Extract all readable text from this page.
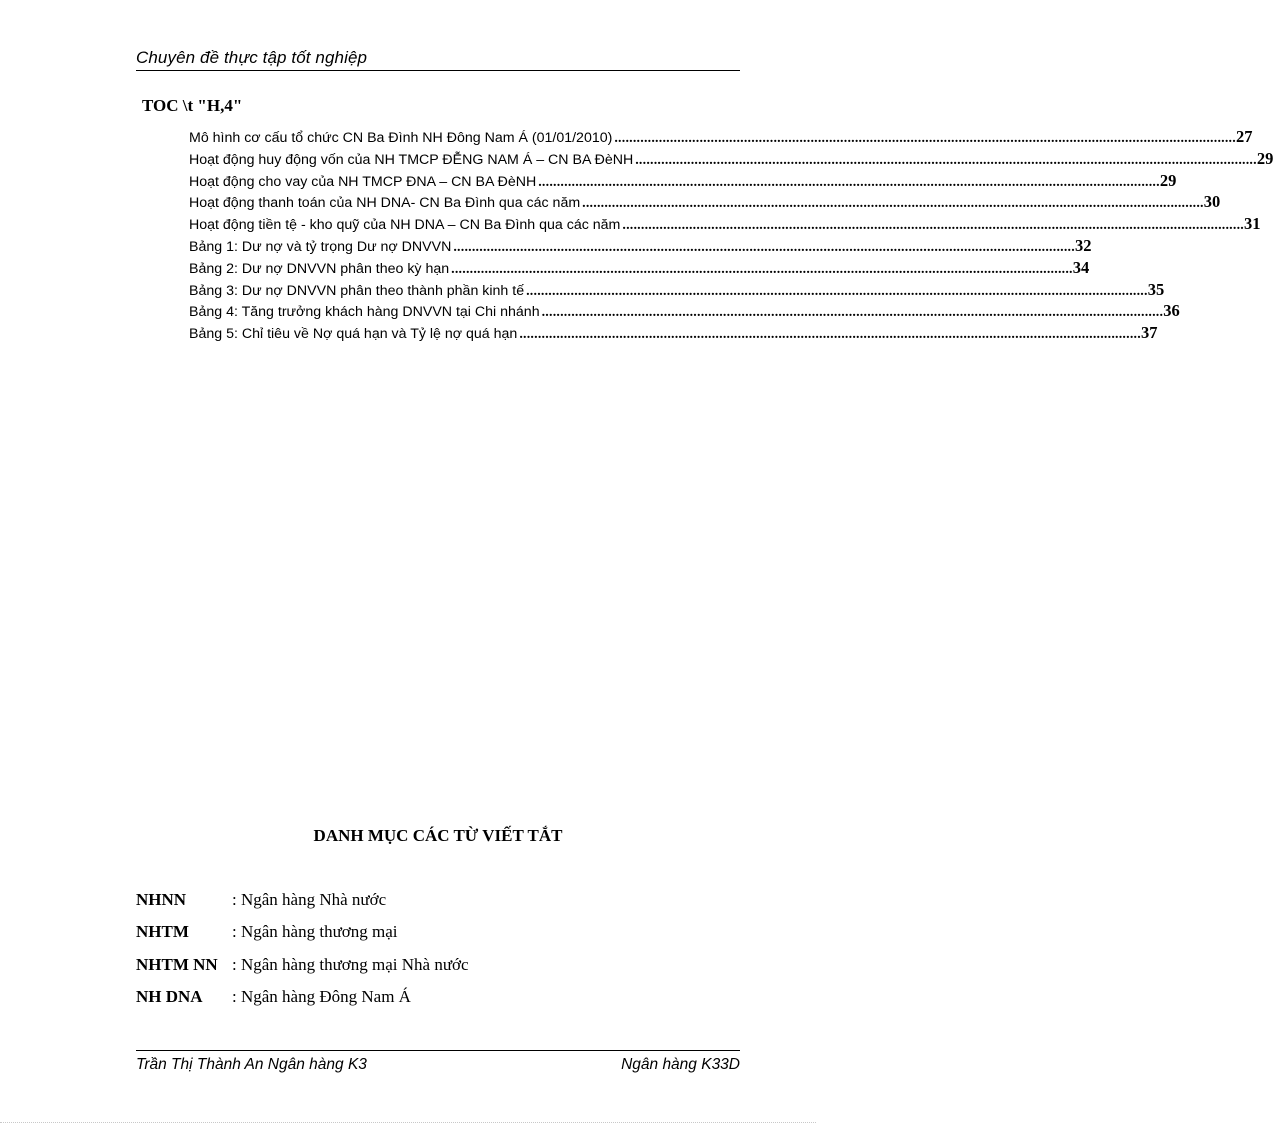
Chuyên đề thực tập tốt nghiệp
TOC \t "H,4"
Mô hình cơ cấu tổ chức CN Ba Đình NH Đông Nam Á (01/01/2010) .....	27
Hoạt động huy động vốn của NH TMCP ĐỄNG NAM Á – CN BA ĐèNH .....	29
Hoạt động cho vay của NH TMCP ĐNA – CN BA ĐèNH .....	29
Hoạt động thanh toán của NH DNA- CN Ba Đình qua các năm .....	30
Hoạt động tiền tệ - kho quỹ của NH DNA – CN Ba Đình qua các năm .....	31
Bảng 1: Dư nợ và tỷ trọng Dư nợ DNVVN .....	32
Bảng 2: Dư nợ DNVVN phân theo kỳ hạn .....	34
Bảng 3: Dư nợ DNVVN phân theo thành phần kinh tế .....	35
Bảng 4: Tăng trưởng khách hàng DNVVN tại Chi nhánh .....	36
Bảng 5: Chỉ tiêu về Nợ quá hạn và Tỷ lệ nợ quá hạn .....	37
DANH MỤC CÁC TỪ VIẾT TẮT
NHNN	: Ngân hàng Nhà nước
NHTM	: Ngân hàng thương mại
NHTM NN : Ngân hàng thương mại Nhà nước
NH DNA : Ngân hàng Đông Nam Á
Trần Thị Thành An Ngân hàng K3	Ngân hàng K33D
